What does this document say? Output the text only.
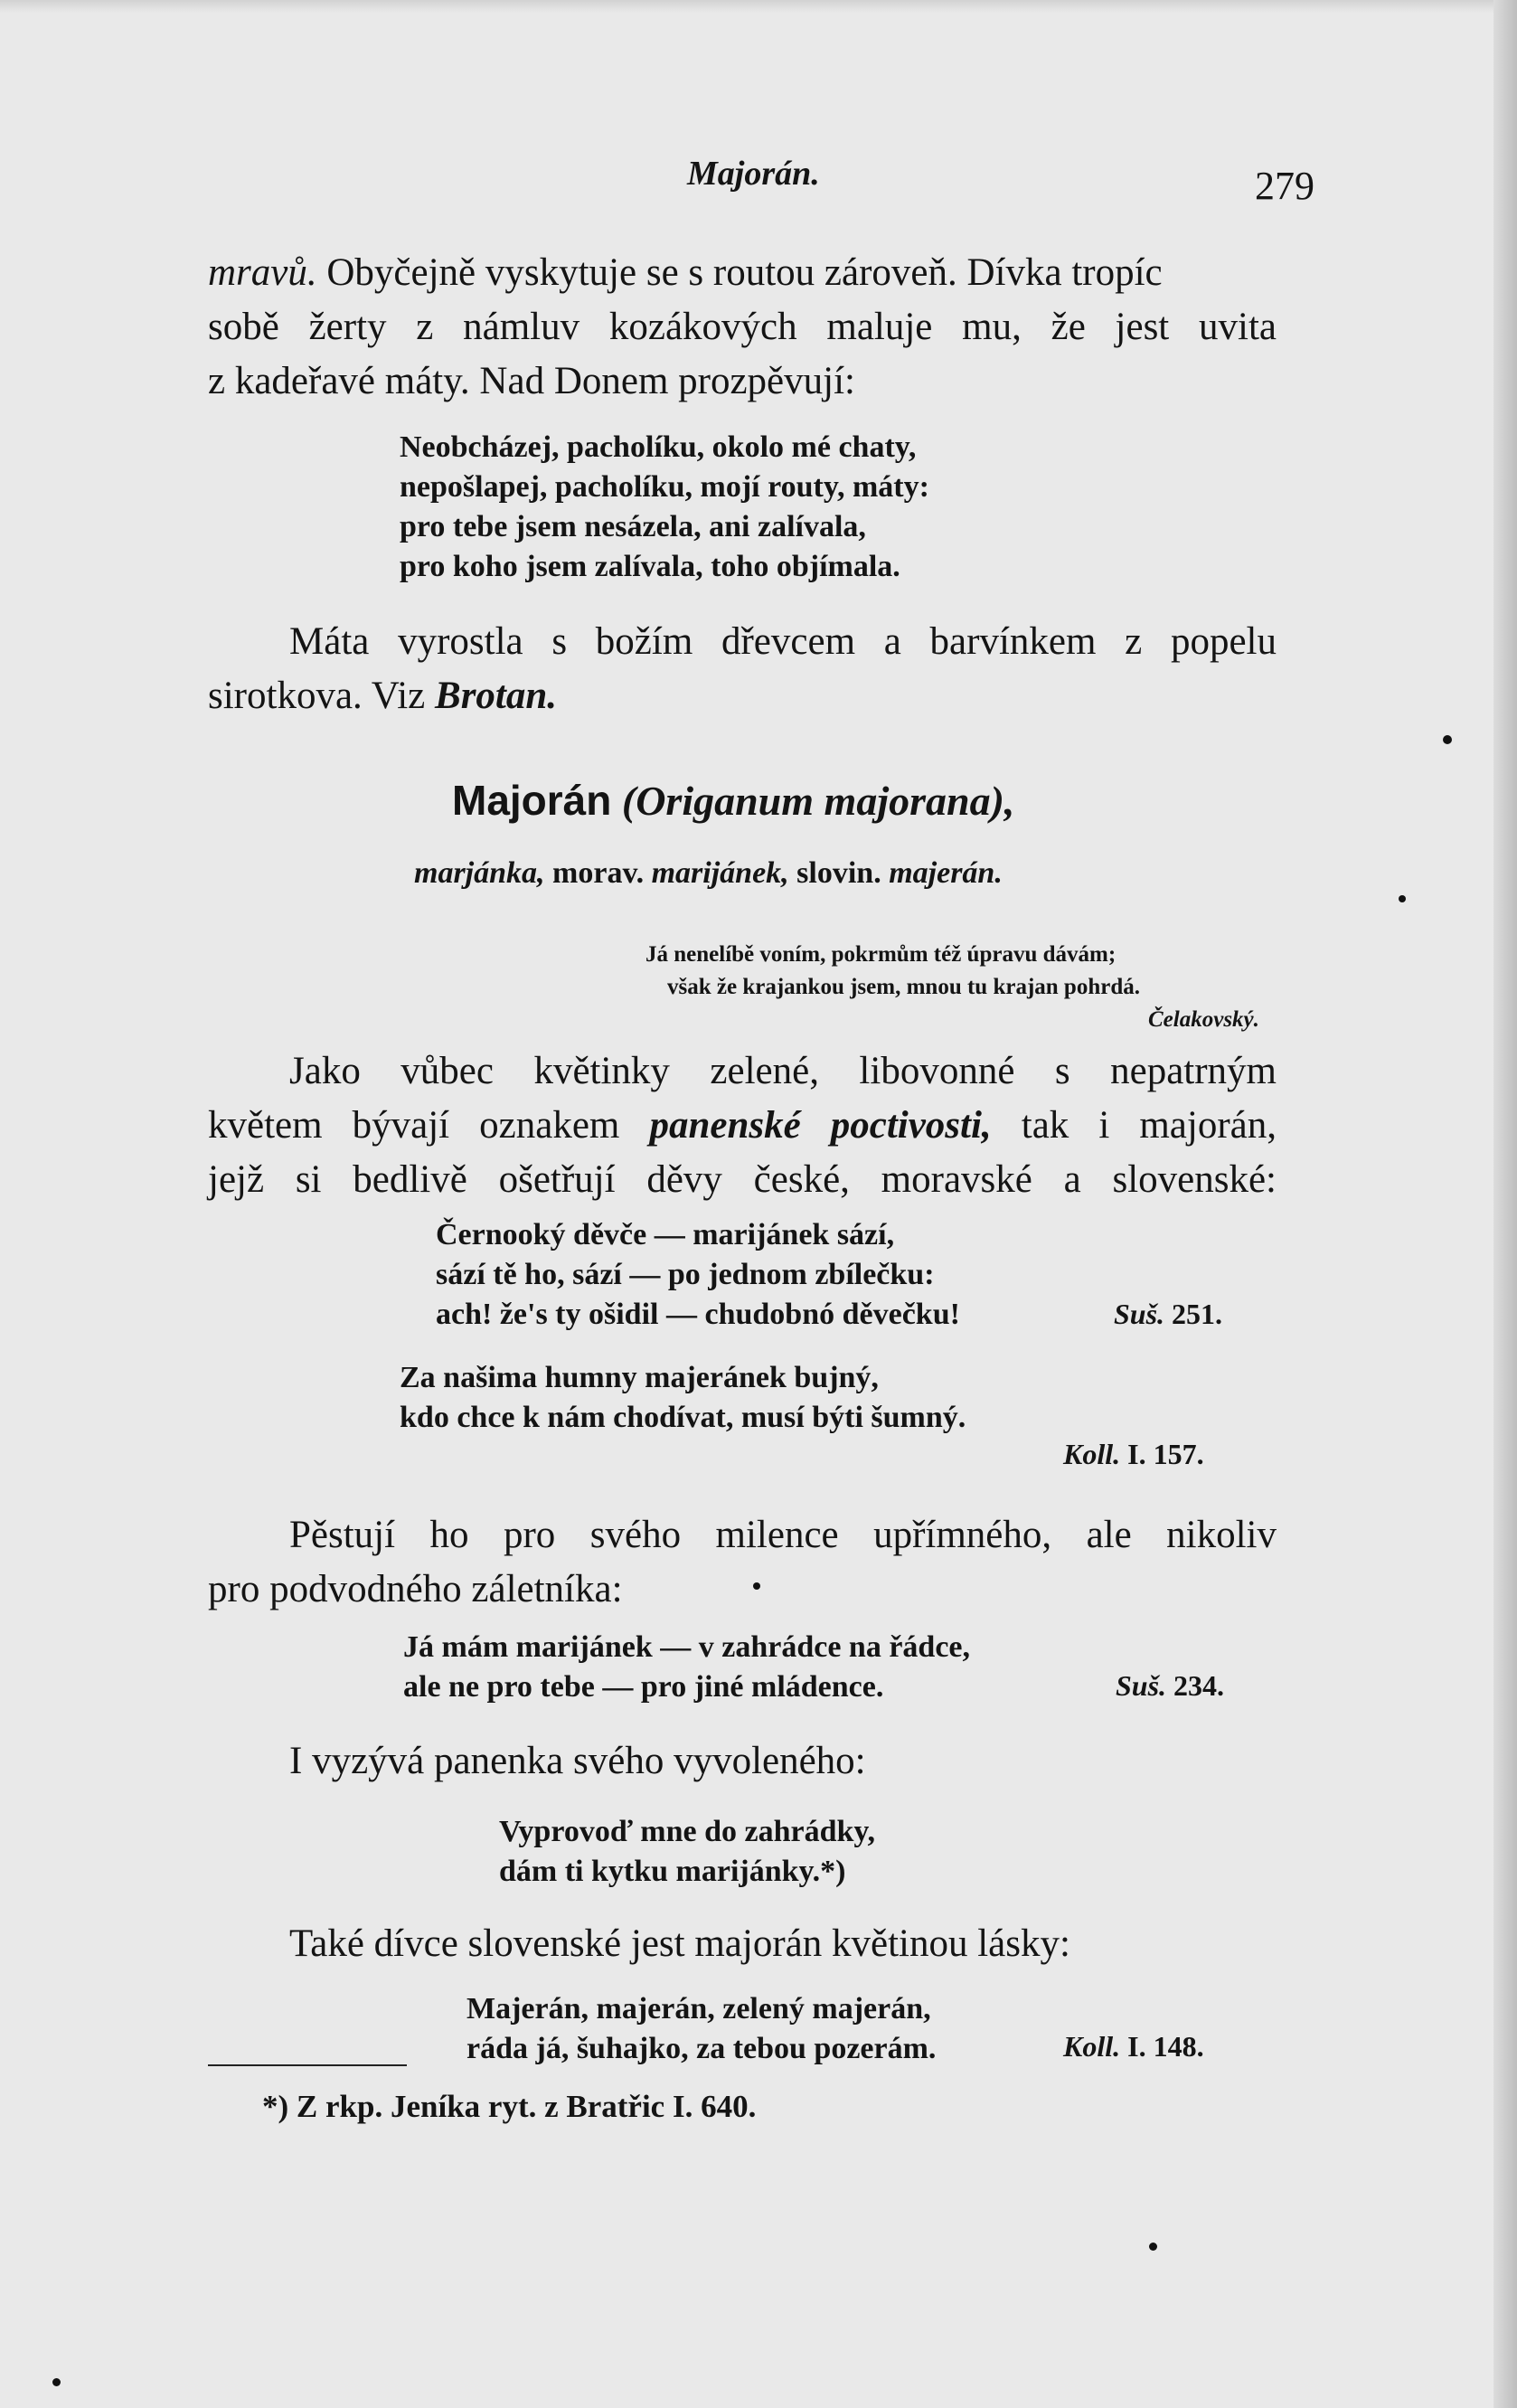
Majorán.	279

mravů. Obyčejně vyskytuje se s routou zároveň. Dívka tropíc

sobě žerty z námluv kozákových maluje mu, že jest uvita

z kadeřavé máty. Nad Donem prozpěvují:

Neobcházej, pacholíku, okolo mé chaty,
nepošlapej, pacholíku, mojí routy, máty:
pro tebe jsem nesázela, ani zalívala,
pro koho jsem zalívala, toho objímala.

Máta vyrostla s božím dřevcem a barvínkem z popelu

sirotkova. Viz Brotan.

Majorán (Origanum majorana),
marjánka, morav. marijánek, slovin. majerán.
Já nenelíbě voním, pokrmům též úpravu dávám;
však že krajankou jsem, mnou tu krajan pohrdá.
Čelakovský.

Jako vůbec květinky zelené, libovonné s nepatrným

květem bývají oznakem panenské poctivosti, tak i majorán,

jejž si bedlivě ošetřují děvy české, moravské a slovenské:

Černooký děvče — marijánek sází,
sází tě ho, sází — po jednom zbílečku:
ach! že's ty ošidil — chudobnó děvečku!	Suš. 251.
Za našima humny majeránek bujný,
kdo chce k nám chodívat, musí býti šumný.
Koll. I. 157.

Pěstují ho pro svého milence upřímného, ale nikoliv

pro podvodného záletníka:

Já mám marijánek — v zahrádce na řádce,
ale ne pro tebe — pro jiné mládence.	Suš. 234.

I vyzývá panenka svého vyvoleného:

Vyprovoď mne do zahrádky,
dám ti kytku marijánky.*)

Také dívce slovenské jest majorán květinou lásky:

Majerán, majerán, zelený majerán,
ráda já, šuhajko, za tebou pozerám.	Koll. I. 148.
*) Z rkp. Jeníka ryt. z Bratřic I. 640.
